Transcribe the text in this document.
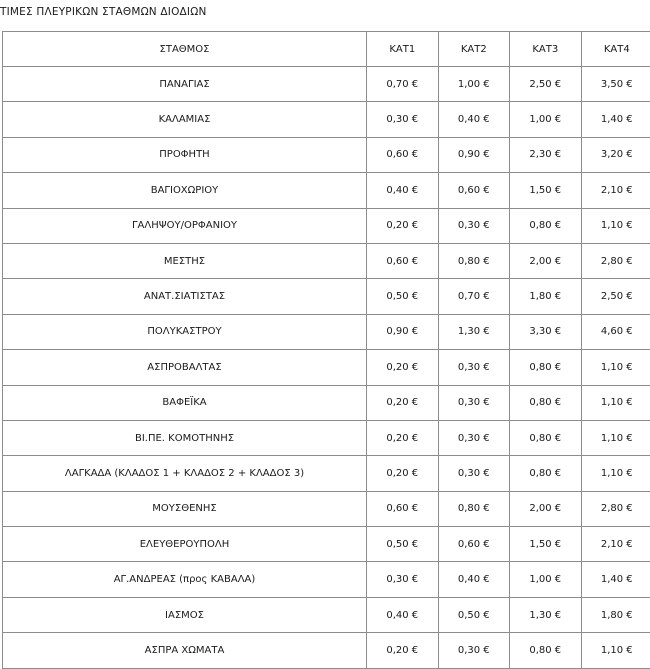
ΤΙΜΕΣ ΠΛΕΥΡΙΚΩΝ ΣΤΑΘΜΩΝ ΔΙΟΔΙΩΝ
ΣΤΑΘΜΟΣ	ΚΑΤ1	ΚΑΤ2	ΚΑΤ3	ΚΑΤ4
ΠΑΝΑΓΙΑΣ	0,70 €	1,00 €	2,50 €	3,50 €
ΚΑΛΑΜΙΑΣ	0,30 €	0,40 €	1,00 €	1,40 €
ΠΡΟΦΗΤΗ	0,60 €	0,90 €	2,30 €	3,20 €
ΒΑΓΙΟΧΩΡΙΟΥ	0,40 €	0,60 €	1,50 €	2,10 €
ΓΑΛΗΨΟΥ/ΟΡΦΑΝΙΟΥ	0,20 €	0,30 €	0,80 €	1,10 €
ΜΕΣΤΗΣ	0,60 €	0,80 €	2,00 €	2,80 €
ΑΝΑΤ.ΣΙΑΤΙΣΤΑΣ	0,50 €	0,70 €	1,80 €	2,50 €
ΠΟΛΥΚΑΣΤΡΟΥ	0,90 €	1,30 €	3,30 €	4,60 €
ΑΣΠΡΟΒΑΛΤΑΣ	0,20 €	0,30 €	0,80 €	1,10 €
ΒΑΦΕΪΚΑ	0,20 €	0,30 €	0,80 €	1,10 €
ΒΙ.ΠΕ. ΚΟΜΟΤΗΝΗΣ	0,20 €	0,30 €	0,80 €	1,10 €
ΛΑΓΚΑΔΑ (ΚΛΑΔΟΣ 1 + ΚΛΑΔΟΣ 2 + ΚΛΑΔΟΣ 3)	0,20 €	0,30 €	0,80 €	1,10 €
ΜΟΥΣΘΕΝΗΣ	0,60 €	0,80 €	2,00 €	2,80 €
ΕΛΕΥΘΕΡΟΥΠΟΛΗ	0,50 €	0,60 €	1,50 €	2,10 €
ΑΓ.ΑΝΔΡΕΑΣ (προς ΚΑΒΑΛΑ)	0,30 €	0,40 €	1,00 €	1,40 €
ΙΑΣΜΟΣ	0,40 €	0,50 €	1,30 €	1,80 €
ΑΣΠΡΑ ΧΩΜΑΤΑ	0,20 €	0,30 €	0,80 €	1,10 €
